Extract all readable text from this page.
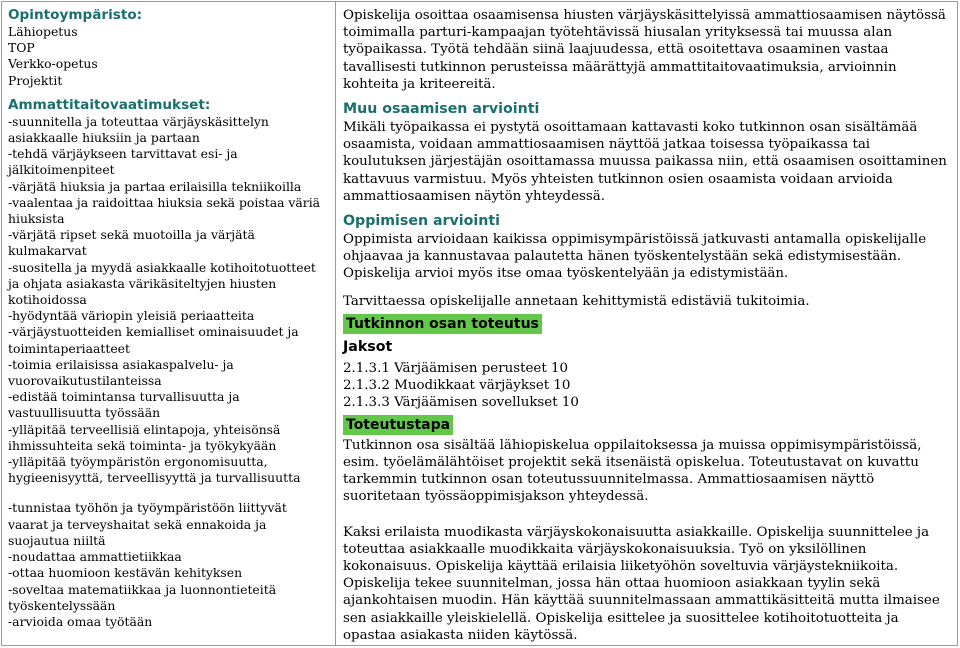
Opintoympäristo:
Lähiopetus
TOP
Verkko-opetus
Projektit
Ammattitaitovaatimukset:
-suunnitella ja toteuttaa värjäyskäsittelyn asiakkaalle hiuksiin ja partaan
-tehdä värjäykseen tarvittavat esi- ja jälkitoimenpiteet
-värjätä hiuksia ja partaa erilaisilla tekniikoilla
-vaalentaa ja raidoittaa hiuksia sekä poistaa väriä hiuksista
-värjätä ripset sekä muotoilla ja värjätä kulmakarvat
-suositella ja myydä asiakkaalle kotihoitotuotteet ja ohjata asiakasta värikäsiteltyjen hiusten kotihoidossa
-hyödyntää väriopin yleisiä periaatteita
-värjäystuotteiden kemialliset ominaisuudet ja toimintaperiaatteet
-toimia erilaisissa asiakaspalvelu- ja vuorovaikutustilanteissa
-edistää toimintansa turvallisuutta ja vastuullisuutta työssään
-ylläpitää terveellisiä elintapoja, yhteisönsä ihmissuhteita sekä toiminta- ja työkykyään
-ylläpitää työympäristön ergonomisuutta, hygieenisyyttä, terveellisyyttä ja turvallisuutta
-tunnistaa työhön ja työympäristöön liittyvät vaarat ja terveyshaitat sekä ennakoida ja suojautua niiltä
-noudattaa ammattietiikkaa
-ottaa huomioon kestävän kehityksen
-soveltaa matematiikkaa ja luonnontieteitä työskentelyssään
-arvioida omaa työtään
Opiskelija osoittaa osaamisensa hiusten värjäyskäsittelyissä ammattiosaamisen näytössä toimimalla parturi-kampaajan työtehtävissä hiusalan yrityksessä tai muussa alan työpaikassa. Työtä tehdään siinä laajuudessa, että osoitettava osaaminen vastaa tavallisesti tutkinnon perusteissa määrättyjä ammattitaitovaatimuksia, arvioinnin kohteita ja kriteereitä.
Muu osaamisen arviointi
Mikäli työpaikassa ei pystytä osoittamaan kattavasti koko tutkinnon osan sisältämää osaamista, voidaan ammattiosaamisen näyttöä jatkaa toisessa työpaikassa tai koulutuksen järjestäjän osoittamassa muussa paikassa niin, että osaamisen osoittaminen kattavuus varmistuu. Myös yhteisten tutkinnon osien osaamista voidaan arvioida ammattiosaamisen näytön yhteydessä.
Oppimisen arviointi
Oppimista arvioidaan kaikissa oppimisympäristöissä jatkuvasti antamalla opiskelijalle ohjaavaa ja kannustavaa palautetta hänen työskentelystään sekä edistymisestään. Opiskelija arvioi myös itse omaa työskentelyään ja edistymistään.
Tarvittaessa opiskelijalle annetaan kehittymistä edistäviä tukitoimia.
Tutkinnon osan toteutus
Jaksot
2.1.3.1 Värjäämisen perusteet 10
2.1.3.2 Muodikkaat värjäykset 10
2.1.3.3 Värjäämisen sovellukset 10
Toteutustapa
Tutkinnon osa sisältää lähiopiskelua oppilaitoksessa ja muissa oppimisympäristöissä, esim. työelämälähtöiset projektit sekä itsenäistä opiskelua. Toteutustavat on kuvattu tarkemmin tutkinnon osan toteutussuunnitelmassa. Ammattiosaamisen näyttö suoritetaan työssäoppimisjakson yhteydessä.
Kaksi erilaista muodikasta värjäyskokonaisuutta asiakkaille. Opiskelija suunnittelee ja toteuttaa asiakkaalle muodikkaita värjäyskokonaisuuksia. Työ on yksilöllinen kokonaisuus. Opiskelija käyttää erilaisia liiketyöhön soveltuvia värjäystekniikoita. Opiskelija tekee suunnitelman, jossa hän ottaa huomioon asiakkaan tyylin sekä ajankohtaisen muodin. Hän käyttää suunnitelmassaan ammattikäsitteitä mutta ilmaisee sen asiakkaille yleiskielellä. Opiskelija esittelee ja suosittelee kotihoitotuotteita ja opastaa asiakasta niiden käytössä.
